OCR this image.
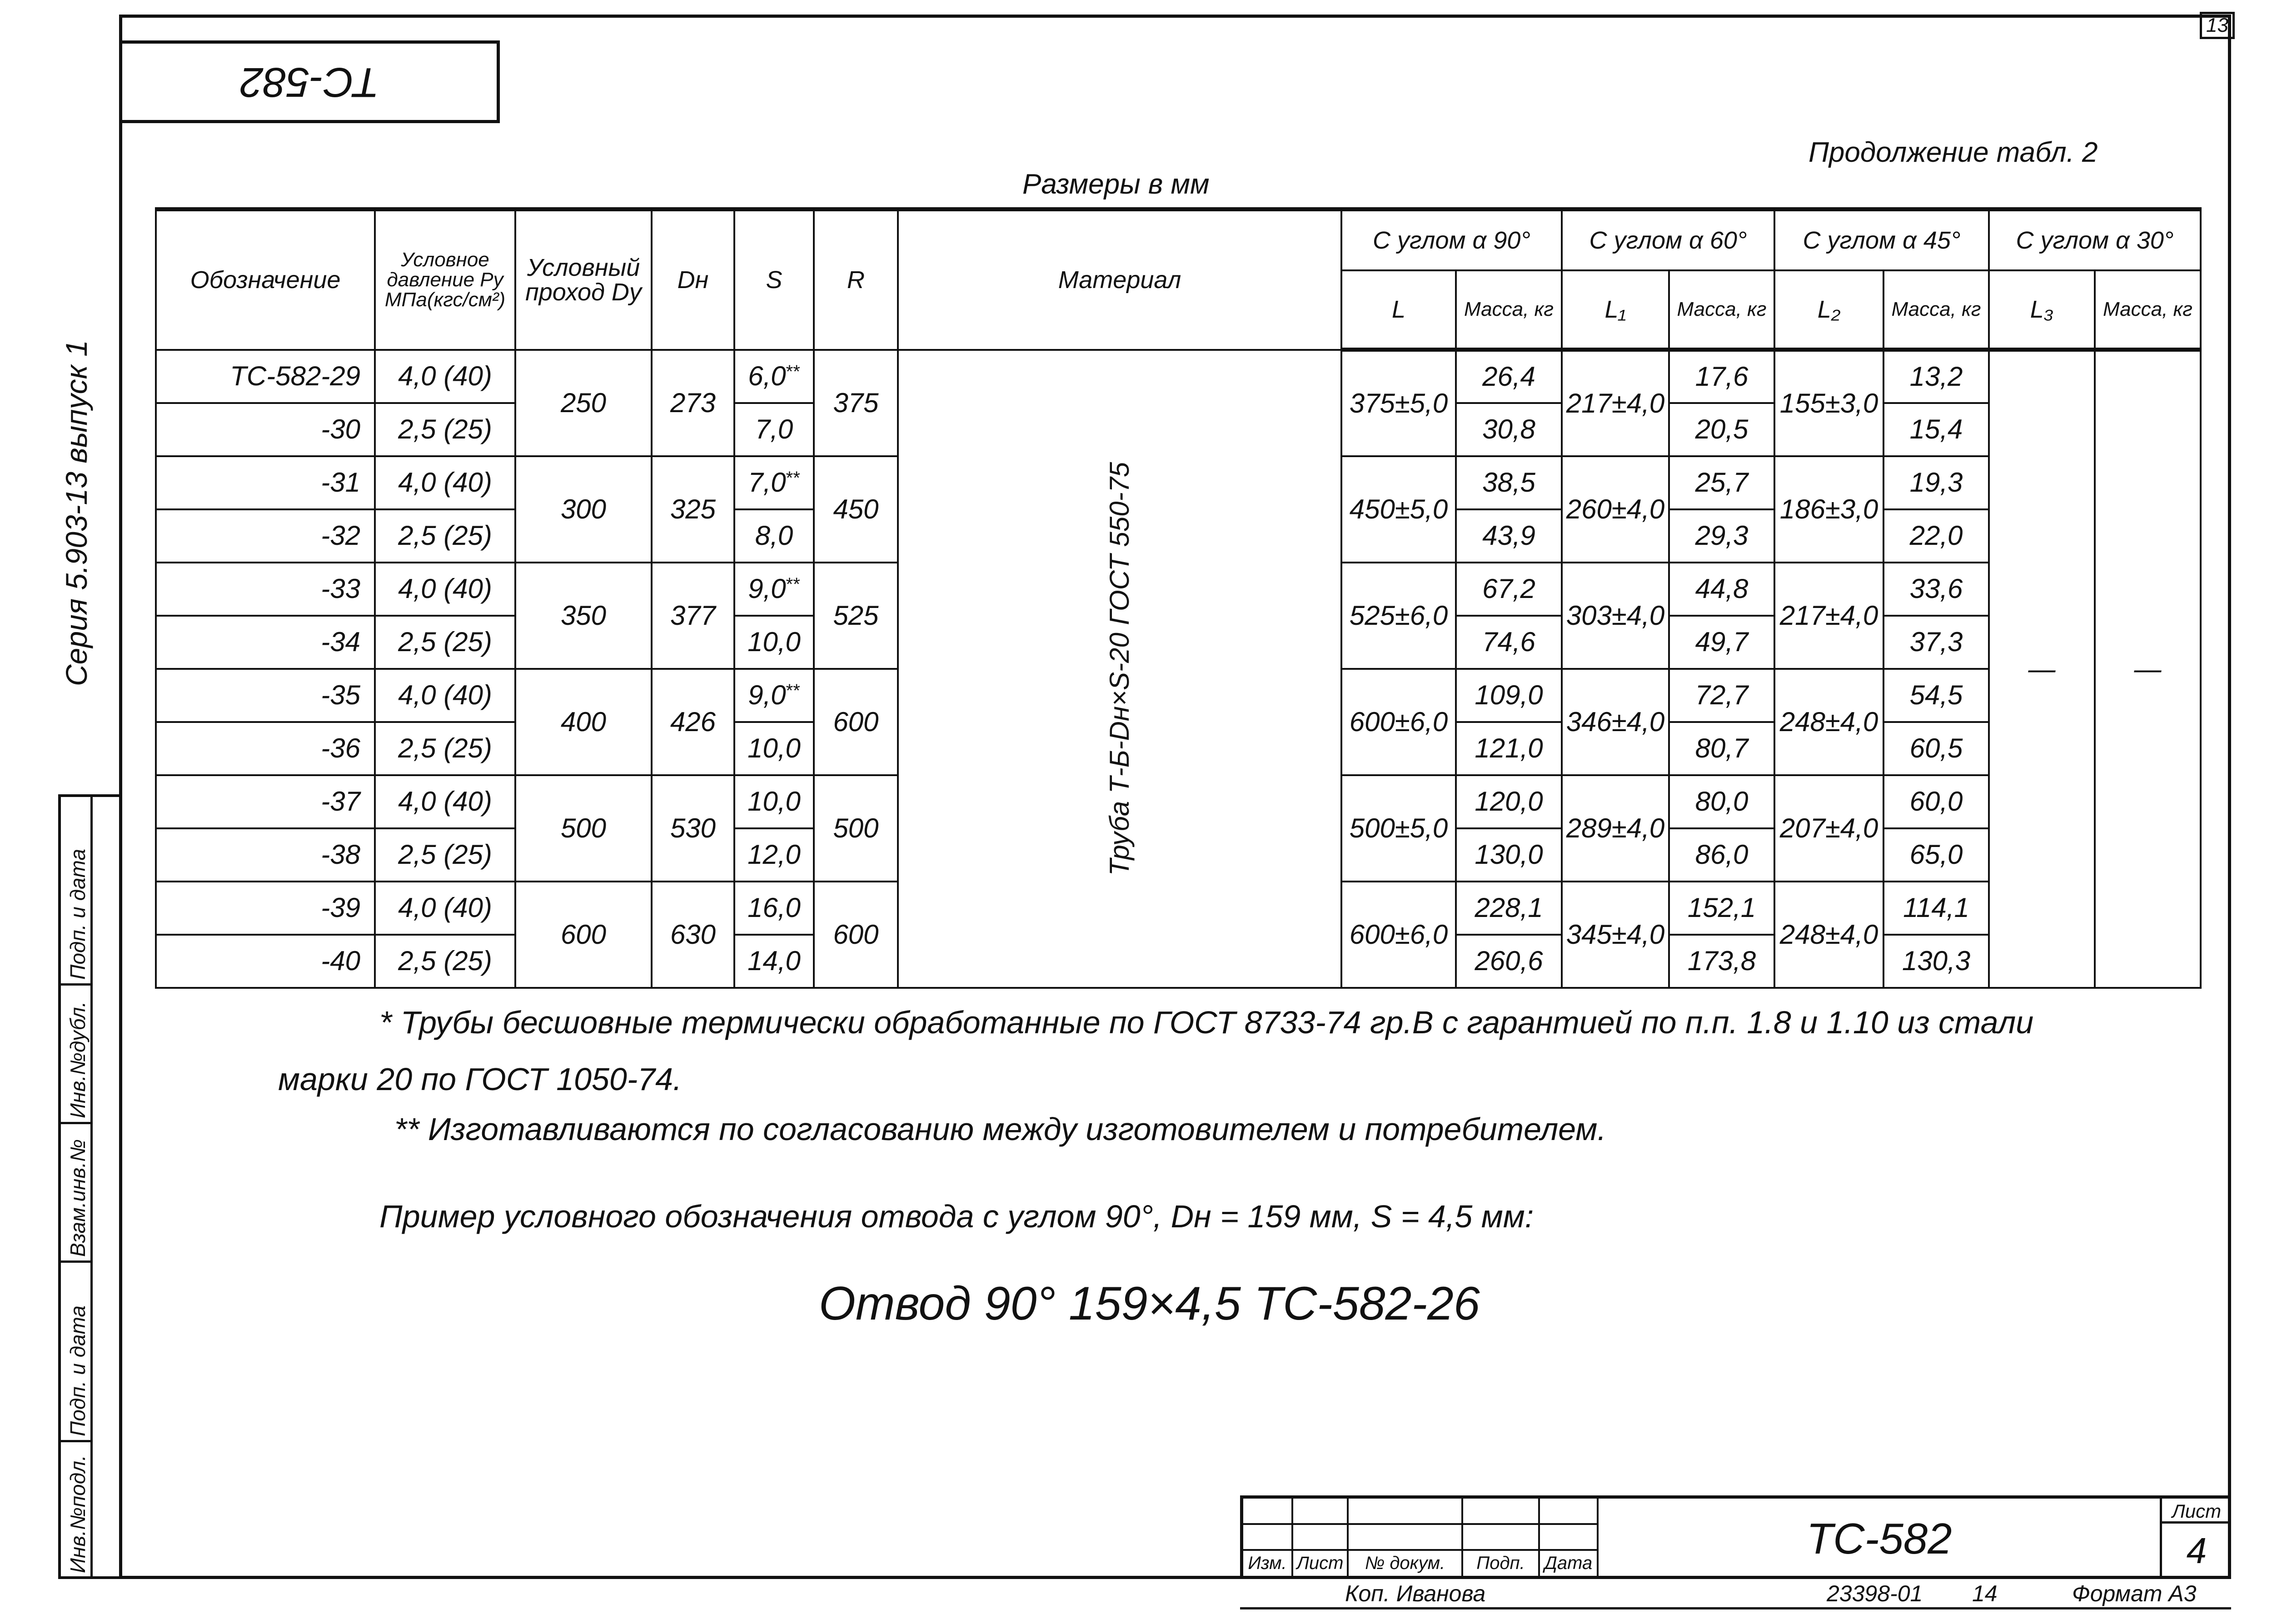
13
ТС-582
Серия 5.903-13 выпуск 1
Подп. и дата
Инв.№дубл.
Взам.инв.№
Подп. и дата
Инв.№подл.
Продолжение табл. 2
Размеры в мм
Обозначение	Условное давление Ру МПа(кгс/см²)	Условный проход Dу	Dн	S	R	Материал	С углом α 90°		С углом α 60°		С углом α 45°		С углом α 30°	
							L	Масса, кг	L₁	Масса, кг	L₂	Масса, кг	L₃	Масса, кг
ТС-582-29	4,0 (40)	250	273	6,0**	375	Труба Т-Б-Dн×S-20 ГОСТ 550-75	375±5,0	26,4	217±4,0	17,6	155±3,0	13,2	—	—
-30	2,5 (25)			7,0				30,8		20,5		15,4		
-31	4,0 (40)	300	325	7,0**	450		450±5,0	38,5	260±4,0	25,7	186±3,0	19,3		
-32	2,5 (25)			8,0				43,9		29,3		22,0		
-33	4,0 (40)	350	377	9,0**	525		525±6,0	67,2	303±4,0	44,8	217±4,0	33,6		
-34	2,5 (25)			10,0				74,6		49,7		37,3		
-35	4,0 (40)	400	426	9,0**	600		600±6,0	109,0	346±4,0	72,7	248±4,0	54,5		
-36	2,5 (25)			10,0				121,0		80,7		60,5		
-37	4,0 (40)	500	530	10,0	500		500±5,0	120,0	289±4,0	80,0	207±4,0	60,0		
-38	2,5 (25)			12,0				130,0		86,0		65,0		
-39	4,0 (40)	600	630	16,0	600		600±6,0	228,1	345±4,0	152,1	248±4,0	114,1		
-40	2,5 (25)			14,0				260,6		173,8		130,3		
* Трубы бесшовные термически обработанные по ГОСТ 8733-74 гр.В с гарантией по п.п. 1.8 и 1.10 из стали
марки 20 по ГОСТ 1050-74.
** Изготавливаются по согласованию между изготовителем и потребителем.
Пример условного обозначения отвода с углом 90°, Dн = 159 мм, S = 4,5 мм:
Отвод 90° 159×4,5 ТС-582-26
Изм. Лист	№ докум.	Подп.	Дата	ТС-582
Лист
4
Коп. Иванова	23398-01 14	Формат А3
